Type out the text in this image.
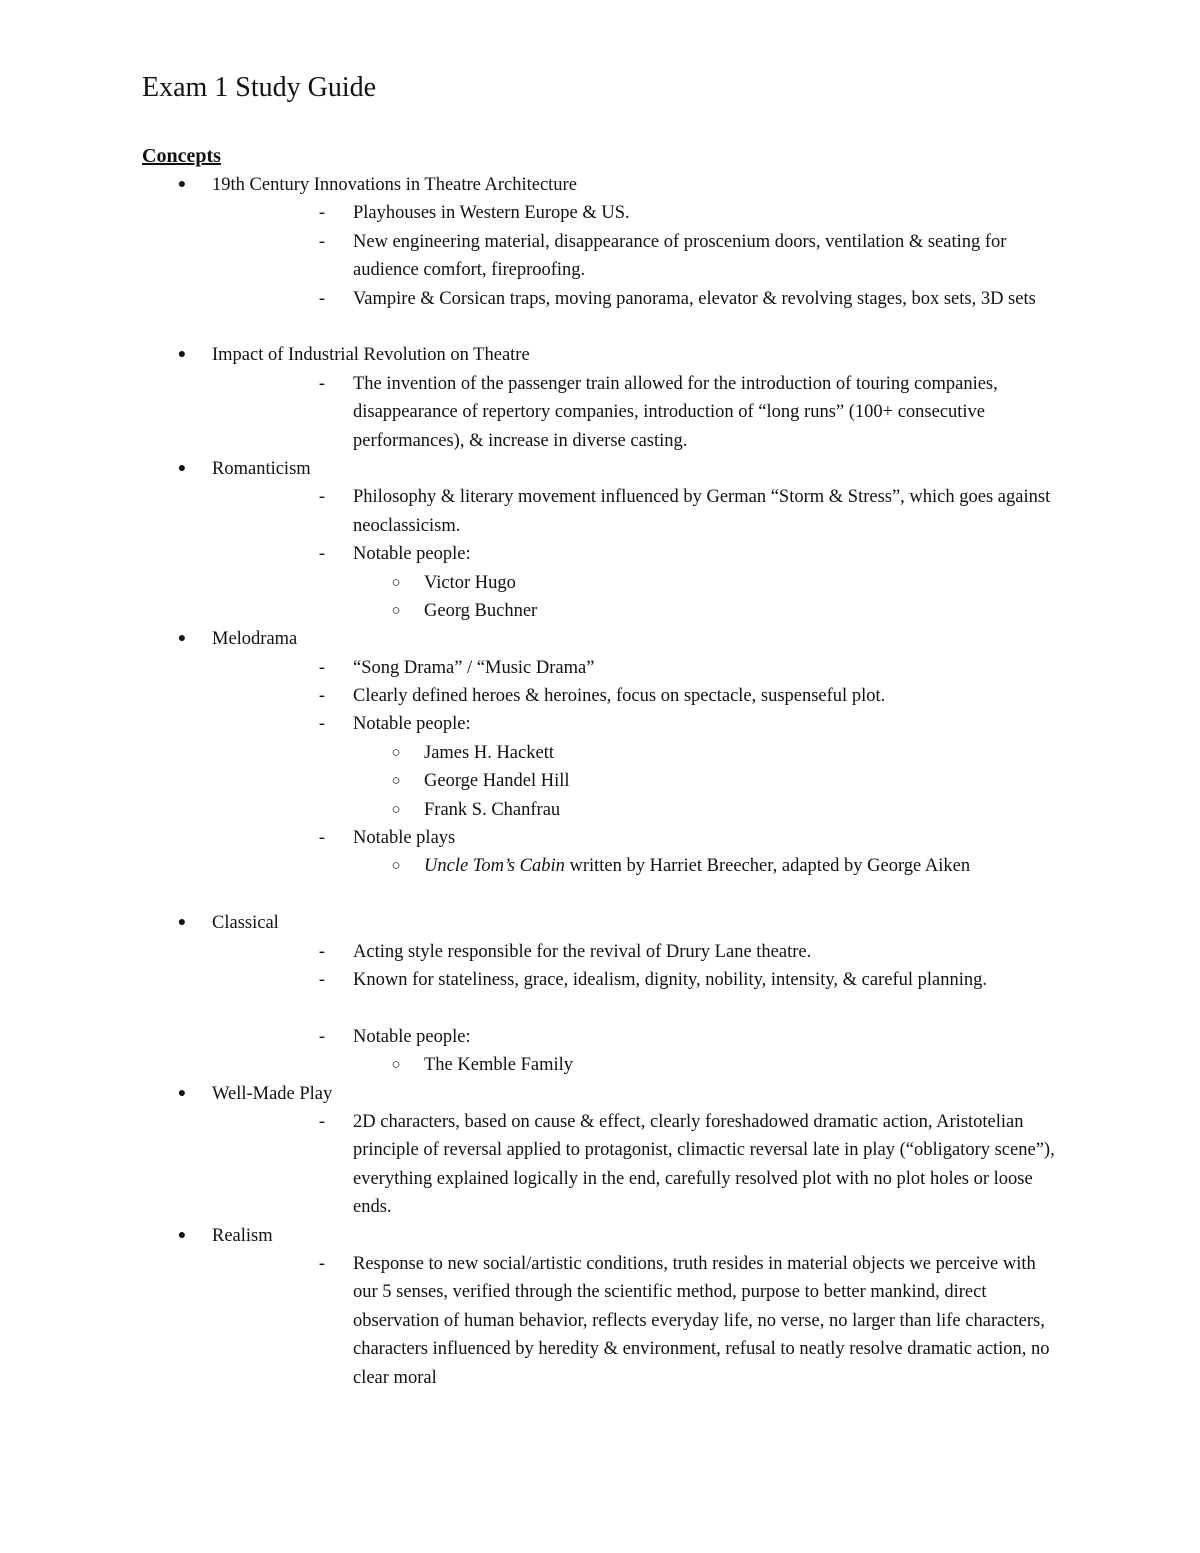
Exam 1 Study Guide
Concepts
●	19th Century Innovations in Theatre Architecture
-	Playhouses in Western Europe & US.
-	New engineering material, disappearance of proscenium doors, ventilation & seating for audience comfort, fireproofing.
-	Vampire & Corsican traps, moving panorama, elevator & revolving stages, box sets, 3D sets
●	Impact of Industrial Revolution on Theatre
-	The invention of the passenger train allowed for the introduction of touring companies, disappearance of repertory companies, introduction of “long runs” (100+ consecutive performances), & increase in diverse casting.
●	Romanticism
-	Philosophy & literary movement influenced by German “Storm & Stress”, which goes against neoclassicism.
-	Notable people:
○	Victor Hugo
○	Georg Buchner
●	Melodrama
-	“Song Drama” / “Music Drama”
-	Clearly defined heroes & heroines, focus on spectacle, suspenseful plot.
-	Notable people:
○	James H. Hackett
○	George Handel Hill
○	Frank S. Chanfrau
-	Notable plays
○	Uncle Tom’s Cabin written by Harriet Breecher, adapted by George Aiken
●	Classical
-	Acting style responsible for the revival of Drury Lane theatre.
-	Known for stateliness, grace, idealism, dignity, nobility, intensity, & careful planning.
-	Notable people:
○	The Kemble Family
●	Well-Made Play
-	2D characters, based on cause & effect, clearly foreshadowed dramatic action, Aristotelian principle of reversal applied to protagonist, climactic reversal late in play (“obligatory scene”), everything explained logically in the end, carefully resolved plot with no plot holes or loose ends.
●	Realism
-	Response to new social/artistic conditions, truth resides in material objects we perceive with our 5 senses, verified through the scientific method, purpose to better mankind, direct observation of human behavior, reflects everyday life, no verse, no larger than life characters, characters influenced by heredity & environment, refusal to neatly resolve dramatic action, no clear moral
